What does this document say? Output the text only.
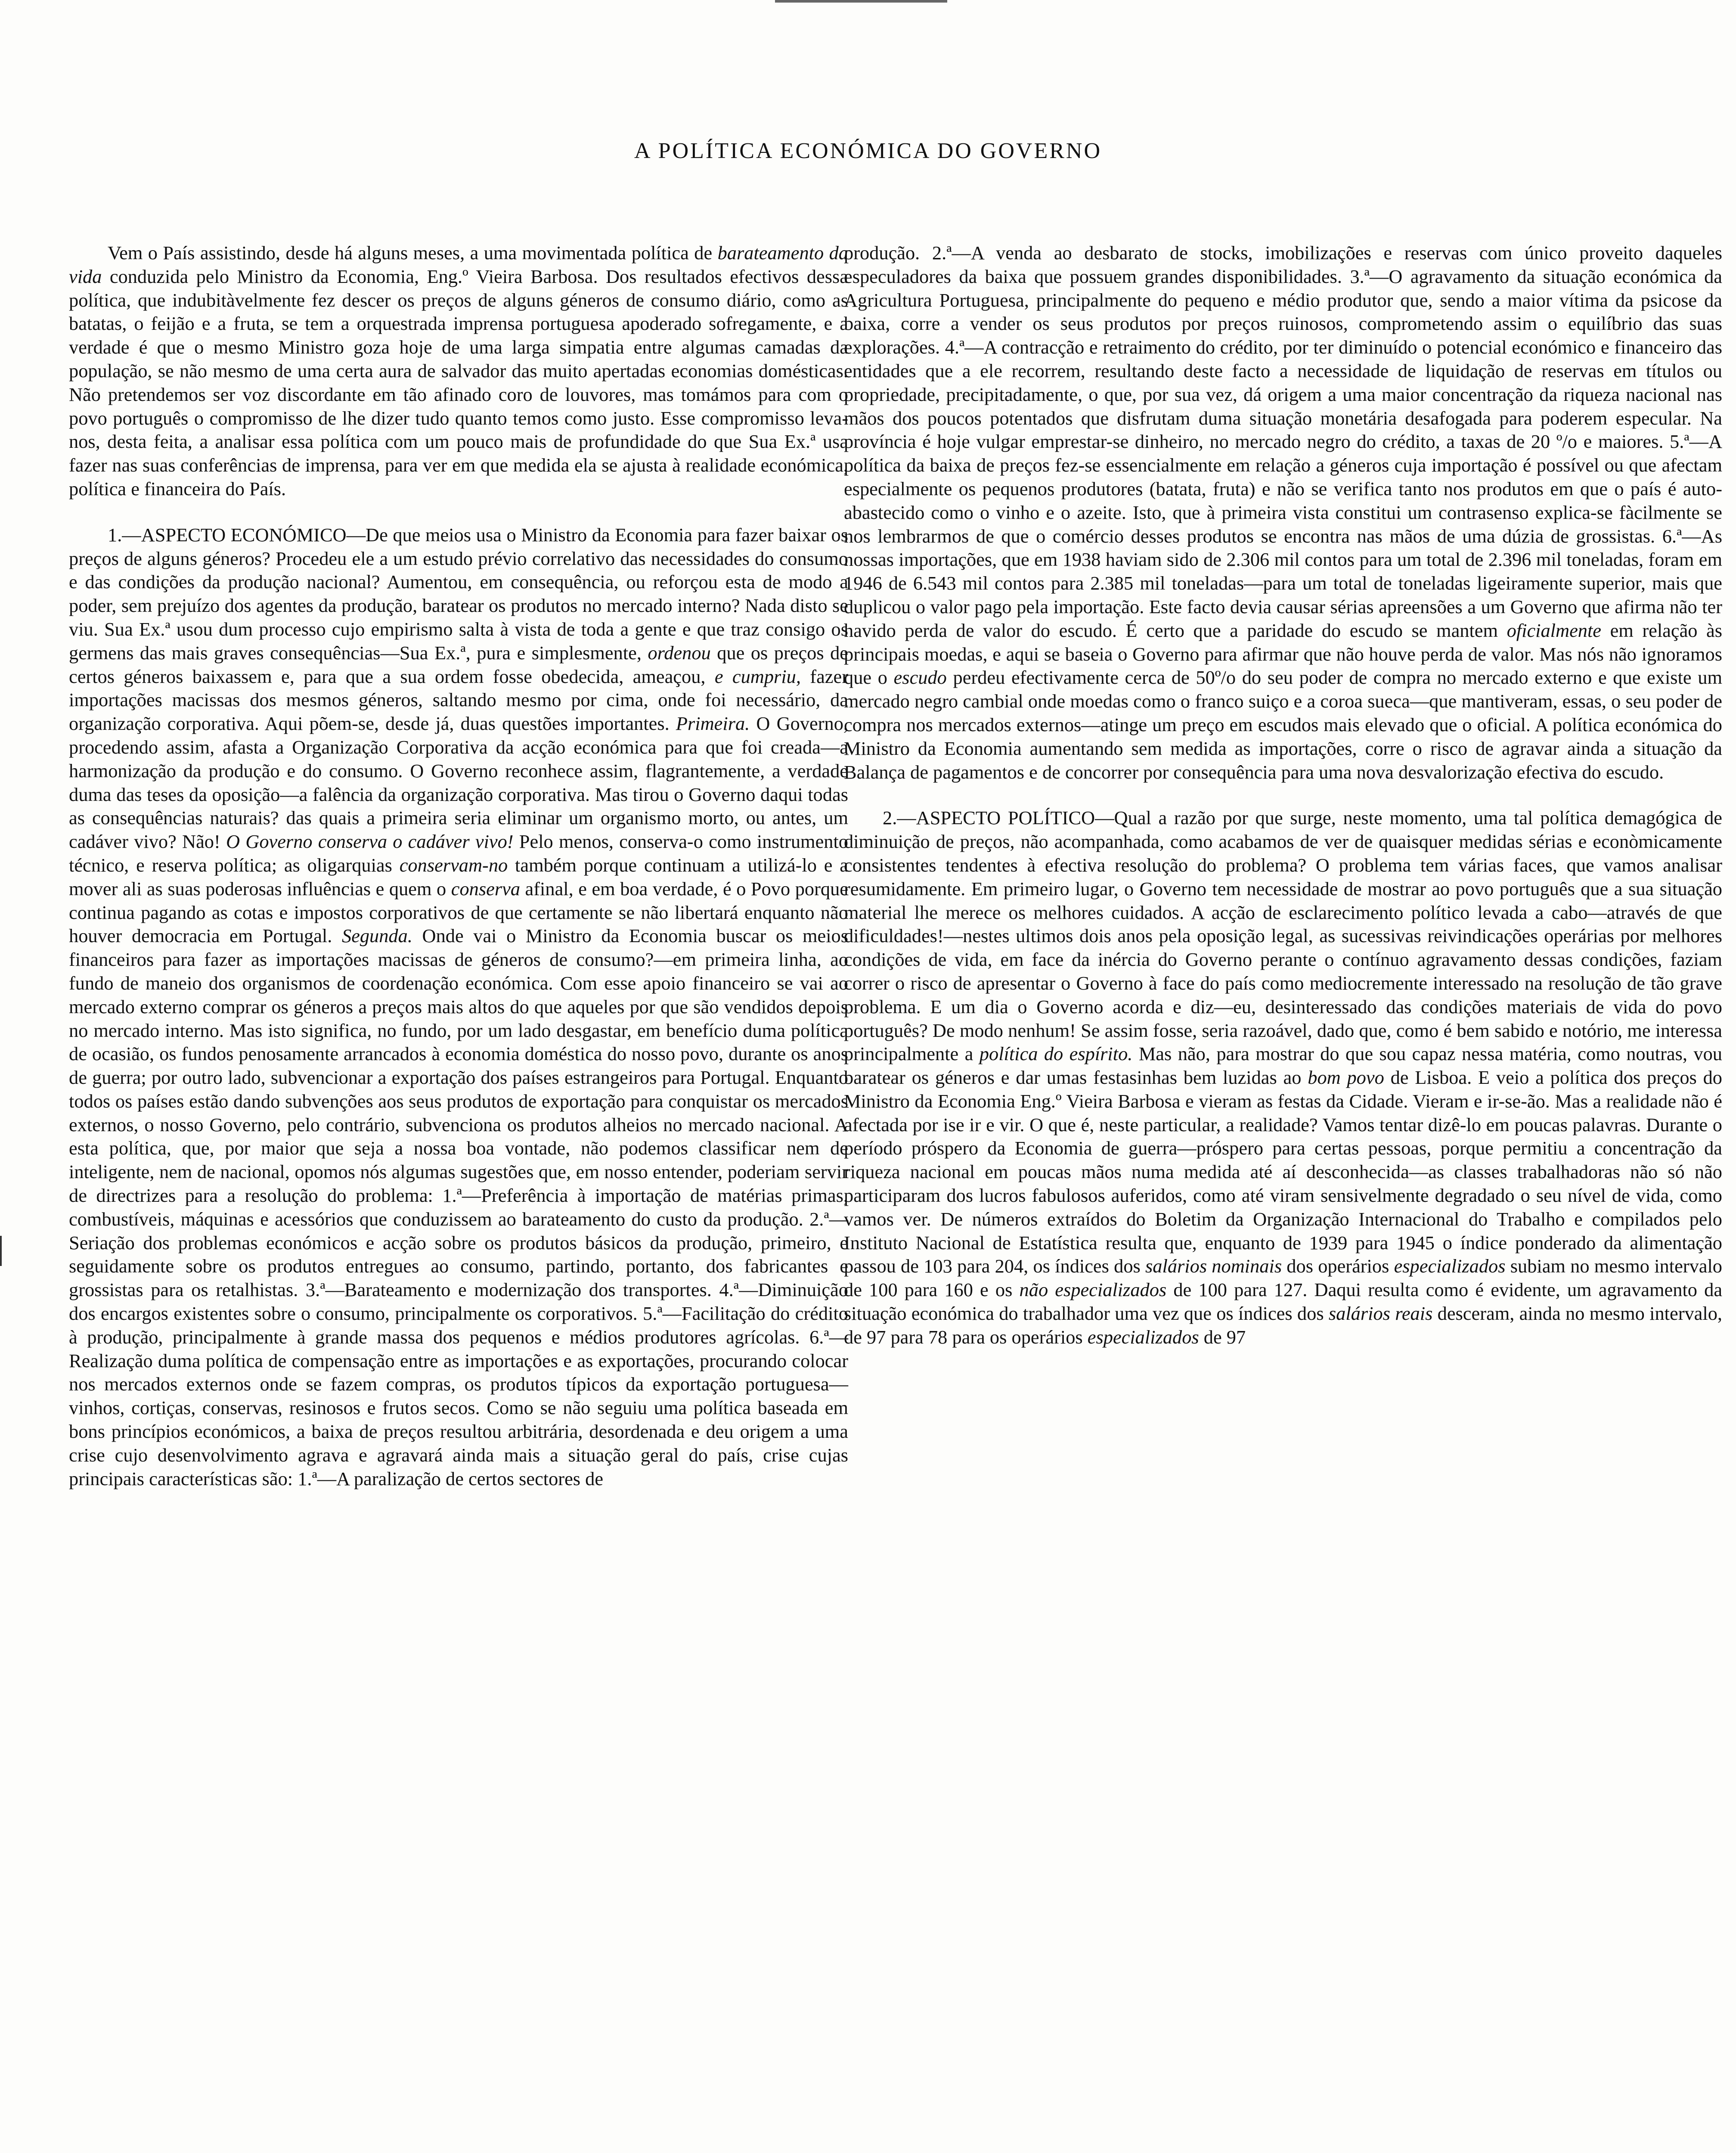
A POLÍTICA ECONÓMICA DO GOVERNO

Vem o País assistindo, desde há alguns meses, a uma movimentada política de barateamento da vida conduzida pelo Ministro da Economia, Eng.º Vieira Barbosa. Dos resultados efectivos dessa política, que indubitàvelmente fez descer os preços de alguns géneros de consumo diário, como as batatas, o feijão e a fruta, se tem a orquestrada imprensa portuguesa apoderado sofregamente, e a verdade é que o mesmo Ministro goza hoje de uma larga simpatia entre algumas camadas da população, se não mesmo de uma certa aura de salvador das muito apertadas economias domésticas. Não pretendemos ser voz discordante em tão afinado coro de louvores, mas tomámos para com o povo português o compromisso de lhe dizer tudo quanto temos como justo. Esse compromisso leva-nos, desta feita, a analisar essa política com um pouco mais de profundidade do que Sua Ex.ª usa fazer nas suas conferências de imprensa, para ver em que medida ela se ajusta à realidade económica, política e financeira do País.

1.—ASPECTO ECONÓMICO—De que meios usa o Ministro da Economia para fazer baixar os preços de alguns géneros? Procedeu ele a um estudo prévio correlativo das necessidades do consumo e das condições da produção nacional? Aumentou, em consequência, ou reforçou esta de modo a poder, sem prejuízo dos agentes da produção, baratear os produtos no mercado interno? Nada disto se viu. Sua Ex.ª usou dum processo cujo empirismo salta à vista de toda a gente e que traz consigo os germens das mais graves consequências—Sua Ex.ª, pura e simplesmente, ordenou que os preços de certos géneros baixassem e, para que a sua ordem fosse obedecida, ameaçou, e cumpriu, fazer importações macissas dos mesmos géneros, saltando mesmo por cima, onde foi necessário, da organização corporativa. Aqui põem-se, desde já, duas questões importantes. Primeira. O Governo, procedendo assim, afasta a Organização Corporativa da acção económica para que foi creada—a harmonização da produção e do consumo. O Governo reconhece assim, flagrantemente, a verdade duma das teses da oposição—a falência da organização corporativa. Mas tirou o Governo daqui todas as consequências naturais? das quais a primeira seria eliminar um organismo morto, ou antes, um cadáver vivo? Não! O Governo conserva o cadáver vivo! Pelo menos, conserva-o como instrumento técnico, e reserva política; as oligarquias conservam-no também porque continuam a utilizá-lo e a mover ali as suas poderosas influências e quem o conserva afinal, e em boa verdade, é o Povo porque continua pagando as cotas e impostos corporativos de que certamente se não libertará enquanto não houver democracia em Portugal. Segunda. Onde vai o Ministro da Economia buscar os meios financeiros para fazer as importações macissas de géneros de consumo?—em primeira linha, ao fundo de maneio dos organismos de coordenação económica. Com esse apoio financeiro se vai ao mercado externo comprar os géneros a preços mais altos do que aqueles por que são vendidos depois no mercado interno. Mas isto significa, no fundo, por um lado desgastar, em benefício duma política de ocasião, os fundos penosamente arrancados à economia doméstica do nosso povo, durante os anos de guerra; por outro lado, subvencionar a exportação dos países estrangeiros para Portugal. Enquanto todos os países estão dando subvenções aos seus produtos de exportação para conquistar os mercados externos, o nosso Governo, pelo contrário, subvenciona os produtos alheios no mercado nacional. A esta política, que, por maior que seja a nossa boa vontade, não podemos classificar nem de inteligente, nem de nacional, opomos nós algumas sugestões que, em nosso entender, poderiam servir de directrizes para a resolução do problema: 1.ª—Preferência à importação de matérias primas, combustíveis, máquinas e acessórios que conduzissem ao barateamento do custo da produção. 2.ª—Seriação dos problemas económicos e acção sobre os produtos básicos da produção, primeiro, e seguidamente sobre os produtos entregues ao consumo, partindo, portanto, dos fabricantes e grossistas para os retalhistas. 3.ª—Barateamento e modernização dos transportes. 4.ª—Diminuição dos encargos existentes sobre o consumo, principalmente os corporativos. 5.ª—Facilitação do crédito à produção, principalmente à grande massa dos pequenos e médios produtores agrícolas. 6.ª—Realização duma política de compensação entre as importações e as exportações, procurando colocar nos mercados externos onde se fazem compras, os produtos típicos da exportação portuguesa—vinhos, cortiças, conservas, resinosos e frutos secos. Como se não seguiu uma política baseada em bons princípios económicos, a baixa de preços resultou arbitrária, desordenada e deu origem a uma crise cujo desenvolvimento agrava e agravará ainda mais a situação geral do país, crise cujas principais características são: 1.ª—A paralização de certos sectores de

produção. 2.ª—A venda ao desbarato de stocks, imobilizações e reservas com único proveito daqueles especuladores da baixa que possuem grandes disponibilidades. 3.ª—O agravamento da situação económica da Agricultura Portuguesa, principalmente do pequeno e médio produtor que, sendo a maior vítima da psicose da baixa, corre a vender os seus produtos por preços ruinosos, comprometendo assim o equilíbrio das suas explorações. 4.ª—A contracção e retraimento do crédito, por ter diminuído o potencial económico e financeiro das entidades que a ele recorrem, resultando deste facto a necessidade de liquidação de reservas em títulos ou propriedade, precipitadamente, o que, por sua vez, dá origem a uma maior concentração da riqueza nacional nas mãos dos poucos potentados que disfrutam duma situação monetária desafogada para poderem especular. Na província é hoje vulgar emprestar-se dinheiro, no mercado negro do crédito, a taxas de 20 º/o e maiores. 5.ª—A política da baixa de preços fez-se essencialmente em relação a géneros cuja importação é possível ou que afectam especialmente os pequenos produtores (batata, fruta) e não se verifica tanto nos produtos em que o país é auto-abastecido como o vinho e o azeite. Isto, que à primeira vista constitui um contrasenso explica-se fàcilmente se nos lembrarmos de que o comércio desses produtos se encontra nas mãos de uma dúzia de grossistas. 6.ª—As nossas importações, que em 1938 haviam sido de 2.306 mil contos para um total de 2.396 mil toneladas, foram em 1946 de 6.543 mil contos para 2.385 mil toneladas—para um total de toneladas ligeiramente superior, mais que duplicou o valor pago pela importação. Este facto devia causar sérias apreensões a um Governo que afirma não ter havido perda de valor do escudo. É certo que a paridade do escudo se mantem oficialmente em relação às principais moedas, e aqui se baseia o Governo para afirmar que não houve perda de valor. Mas nós não ignoramos que o escudo perdeu efectivamente cerca de 50º/o do seu poder de compra no mercado externo e que existe um mercado negro cambial onde moedas como o franco suiço e a coroa sueca—que mantiveram, essas, o seu poder de compra nos mercados externos—atinge um preço em escudos mais elevado que o oficial. A política económica do Ministro da Economia aumentando sem medida as importações, corre o risco de agravar ainda a situação da Balança de pagamentos e de concorrer por consequência para uma nova desvalorização efectiva do escudo.

2.—ASPECTO POLÍTICO—Qual a razão por que surge, neste momento, uma tal política demagógica de diminuição de preços, não acompanhada, como acabamos de ver de quaisquer medidas sérias e econòmicamente consistentes tendentes à efectiva resolução do problema? O problema tem várias faces, que vamos analisar resumidamente. Em primeiro lugar, o Governo tem necessidade de mostrar ao povo português que a sua situação material lhe merece os melhores cuidados. A acção de esclarecimento político levada a cabo—através de que dificuldades!—nestes ultimos dois anos pela oposição legal, as sucessivas reivindicações operárias por melhores condições de vida, em face da inércia do Governo perante o contínuo agravamento dessas condições, faziam correr o risco de apresentar o Governo à face do país como mediocremente interessado na resolução de tão grave problema. E um dia o Governo acorda e diz—eu, desinteressado das condições materiais de vida do povo português? De modo nenhum! Se assim fosse, seria razoável, dado que, como é bem sabido e notório, me interessa principalmente a política do espírito. Mas não, para mostrar do que sou capaz nessa matéria, como noutras, vou baratear os géneros e dar umas festasinhas bem luzidas ao bom povo de Lisboa. E veio a política dos preços do Ministro da Economia Eng.º Vieira Barbosa e vieram as festas da Cidade. Vieram e ir-se-ão. Mas a realidade não é afectada por ise ir e vir. O que é, neste particular, a realidade? Vamos tentar dizê-lo em poucas palavras. Durante o período próspero da Economia de guerra—próspero para certas pessoas, porque permitiu a concentração da riqueza nacional em poucas mãos numa medida até aí desconhecida—as classes trabalhadoras não só não participaram dos lucros fabulosos auferidos, como até viram sensivelmente degradado o seu nível de vida, como vamos ver. De números extraídos do Boletim da Organização Internacional do Trabalho e compilados pelo Instituto Nacional de Estatística resulta que, enquanto de 1939 para 1945 o índice ponderado da alimentação passou de 103 para 204, os índices dos salários nominais dos operários especializados subiam no mesmo intervalo de 100 para 160 e os não especializados de 100 para 127. Daqui resulta como é evidente, um agravamento da situação económica do trabalhador uma vez que os índices dos salários reais desceram, ainda no mesmo intervalo, de 97 para 78 para os operários especializados de 97
